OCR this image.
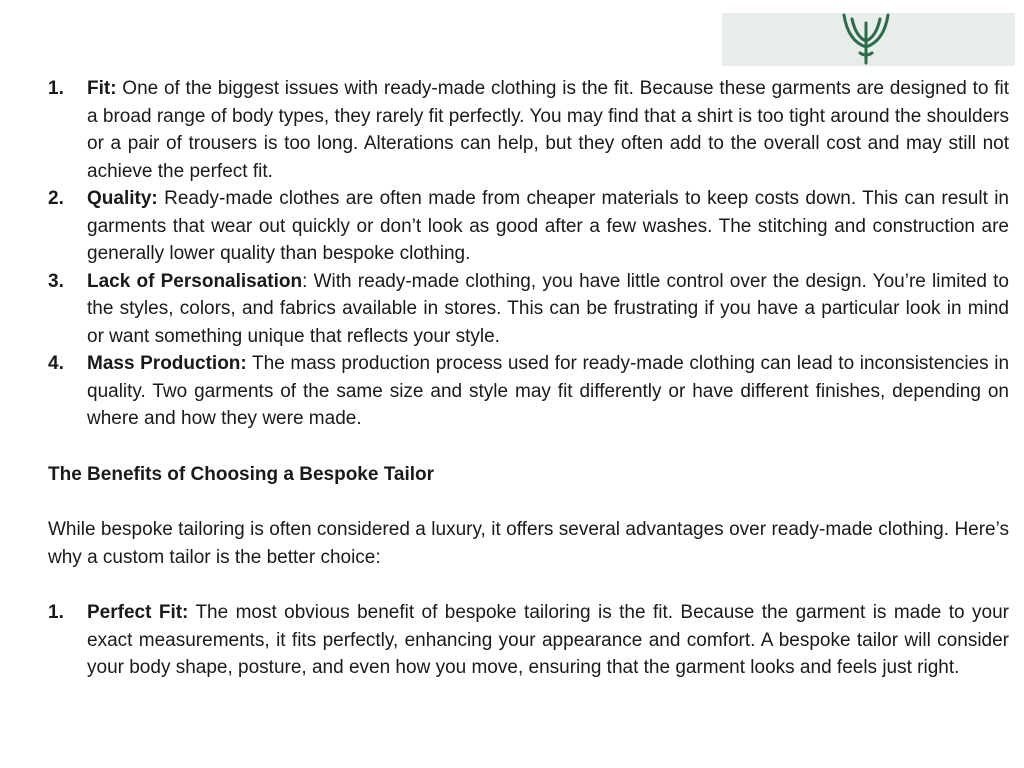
1. Fit: One of the biggest issues with ready-made clothing is the fit. Because these garments are designed to fit a broad range of body types, they rarely fit perfectly. You may find that a shirt is too tight around the shoulders or a pair of trousers is too long. Alterations can help, but they often add to the overall cost and may still not achieve the perfect fit.
2. Quality: Ready-made clothes are often made from cheaper materials to keep costs down. This can result in garments that wear out quickly or don’t look as good after a few washes. The stitching and construction are generally lower quality than bespoke clothing.
3. Lack of Personalisation: With ready-made clothing, you have little control over the design. You’re limited to the styles, colors, and fabrics available in stores. This can be frustrating if you have a particular look in mind or want something unique that reflects your style.
4. Mass Production: The mass production process used for ready-made clothing can lead to inconsistencies in quality. Two garments of the same size and style may fit differently or have different finishes, depending on where and how they were made.

The Benefits of Choosing a Bespoke Tailor

While bespoke tailoring is often considered a luxury, it offers several advantages over ready-made clothing. Here’s why a custom tailor is the better choice:

1. Perfect Fit: The most obvious benefit of bespoke tailoring is the fit. Because the garment is made to your exact measurements, it fits perfectly, enhancing your appearance and comfort. A bespoke tailor will consider your body shape, posture, and even how you move, ensuring that the garment looks and feels just right.
